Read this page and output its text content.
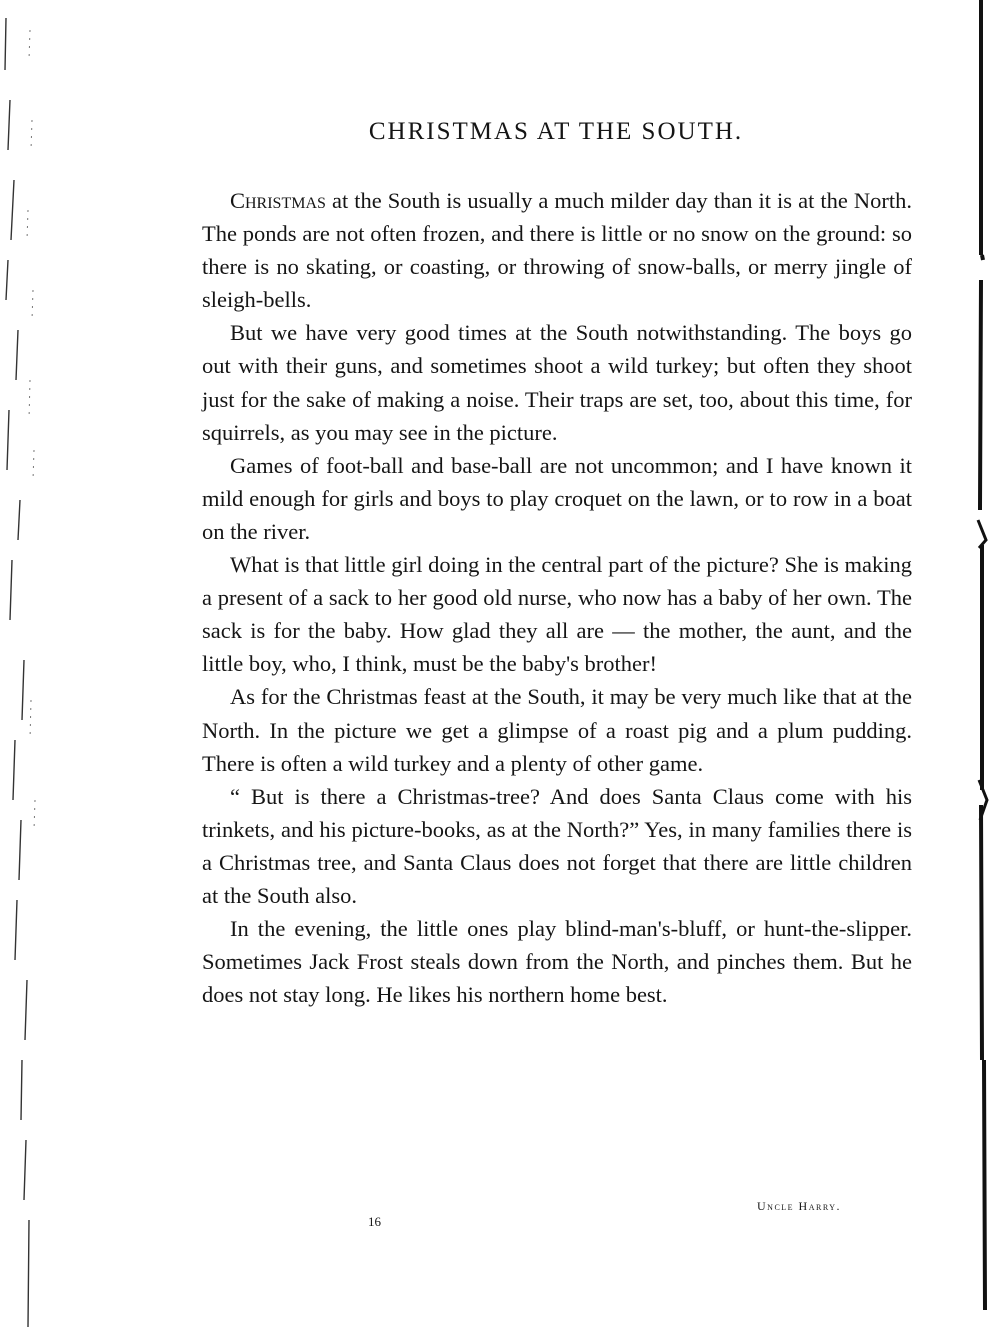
CHRISTMAS AT THE SOUTH.

Christmas at the South is usually a much milder day than it is at the North. The ponds are not often frozen, and there is little or no snow on the ground: so there is no skating, or coasting, or throwing of snow-balls, or merry jingle of sleigh-bells.

But we have very good times at the South notwithstanding. The boys go out with their guns, and sometimes shoot a wild turkey; but often they shoot just for the sake of making a noise. Their traps are set, too, about this time, for squirrels, as you may see in the picture.

Games of foot-ball and base-ball are not uncommon; and I have known it mild enough for girls and boys to play croquet on the lawn, or to row in a boat on the river.

What is that little girl doing in the central part of the picture? She is making a present of a sack to her good old nurse, who now has a baby of her own. The sack is for the baby. How glad they all are — the mother, the aunt, and the little boy, who, I think, must be the baby's brother!

As for the Christmas feast at the South, it may be very much like that at the North. In the picture we get a glimpse of a roast pig and a plum pudding. There is often a wild turkey and a plenty of other game.

“ But is there a Christmas-tree? And does Santa Claus come with his trinkets, and his picture-books, as at the North?” Yes, in many families there is a Christmas tree, and Santa Claus does not forget that there are little children at the South also.

In the evening, the little ones play blind-man's-bluff, or hunt-the-slipper. Sometimes Jack Frost steals down from the North, and pinches them. But he does not stay long. He likes his northern home best.

Uncle Harry.
16
